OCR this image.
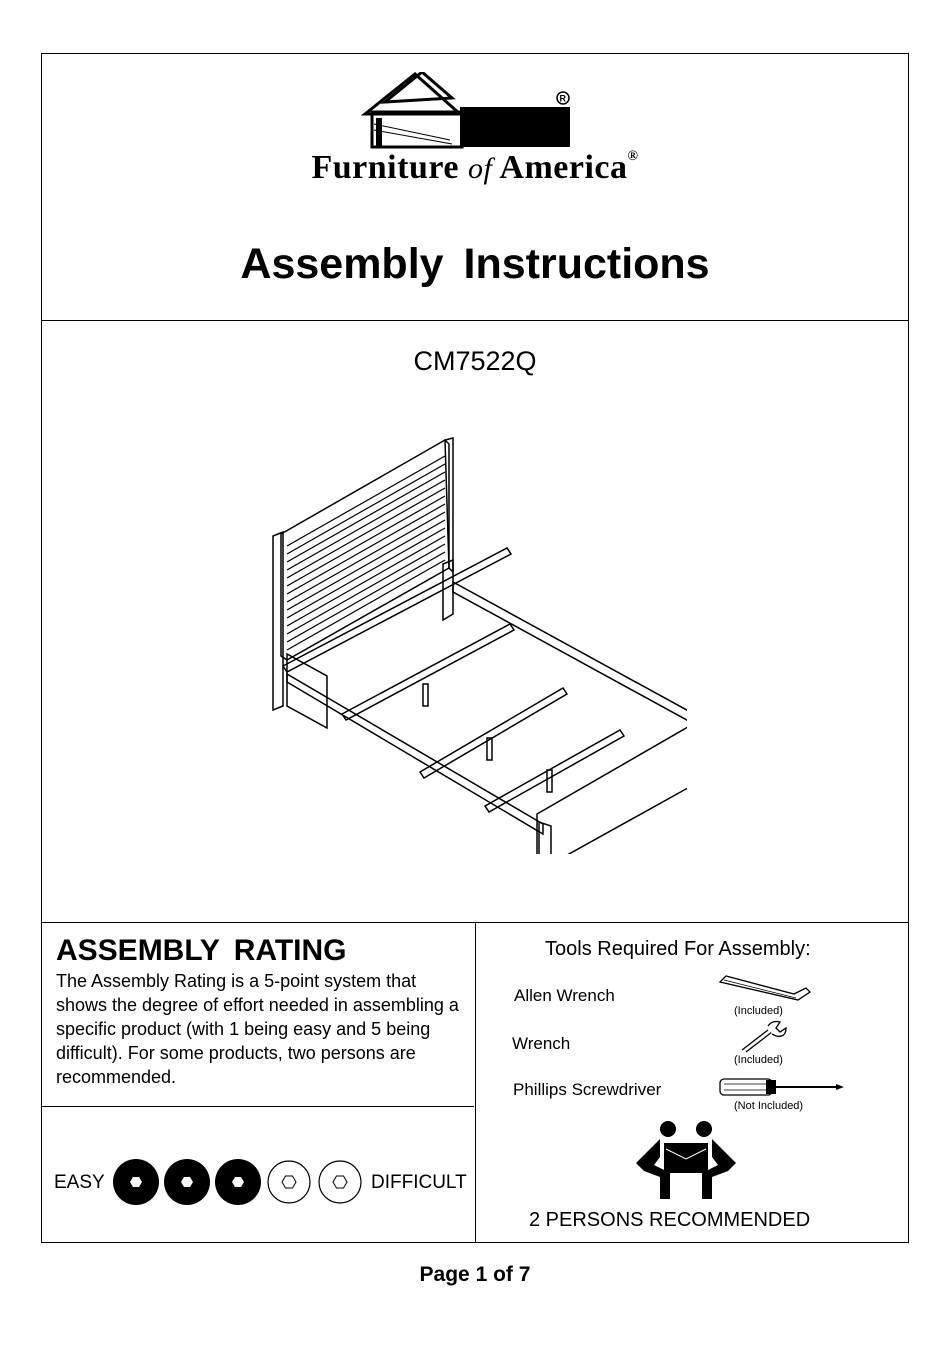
R
Furniture of America®
Assembly Instructions
CM7522Q
ASSEMBLY RATING
The Assembly Rating is a 5-point system that shows the degree of effort needed in assembling a specific product (with 1 being easy and 5 being difficult). For some products, two persons are recommended.
EASY	DIFFICULT
Tools Required For Assembly:
Allen Wrench
(Included)
Wrench
(Included)
Phillips Screwdriver
(Not Included)
2 PERSONS RECOMMENDED
Page 1 of 7
